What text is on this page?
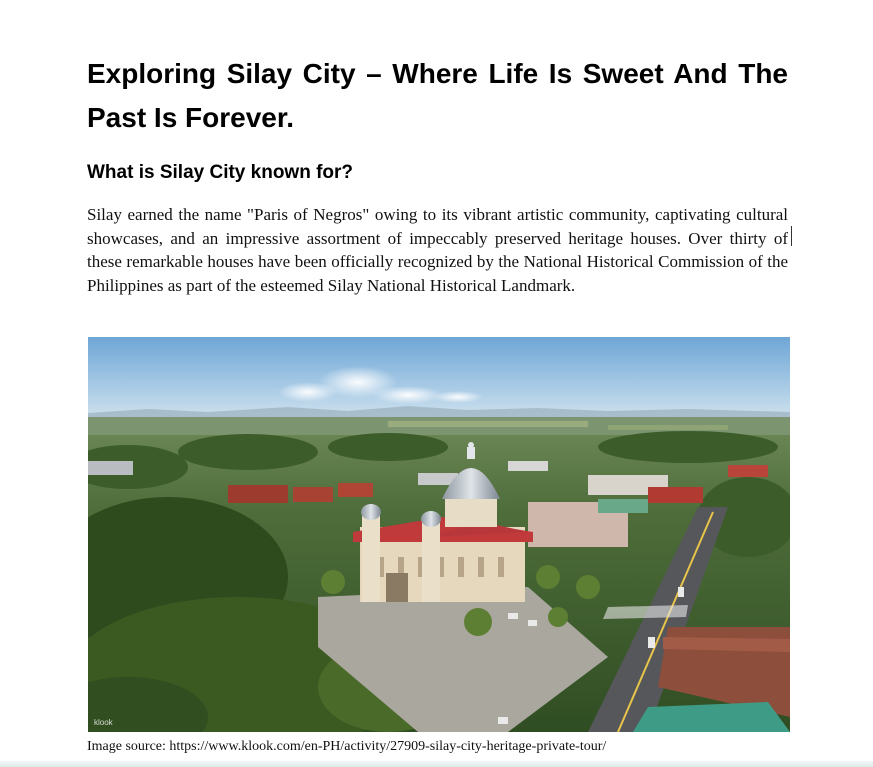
Exploring Silay City – Where Life Is Sweet And The Past Is Forever.
What is Silay City known for?

Silay earned the name "Paris of Negros" owing to its vibrant artistic community, captivating cultural showcases, and an impressive assortment of impeccably preserved heritage houses. Over thirty of these remarkable houses have been officially recognized by the National Historical Commission of the Philippines as part of the esteemed Silay National Historical Landmark.

klook
Image source: https://www.klook.com/en-PH/activity/27909-silay-city-heritage-private-tour/
